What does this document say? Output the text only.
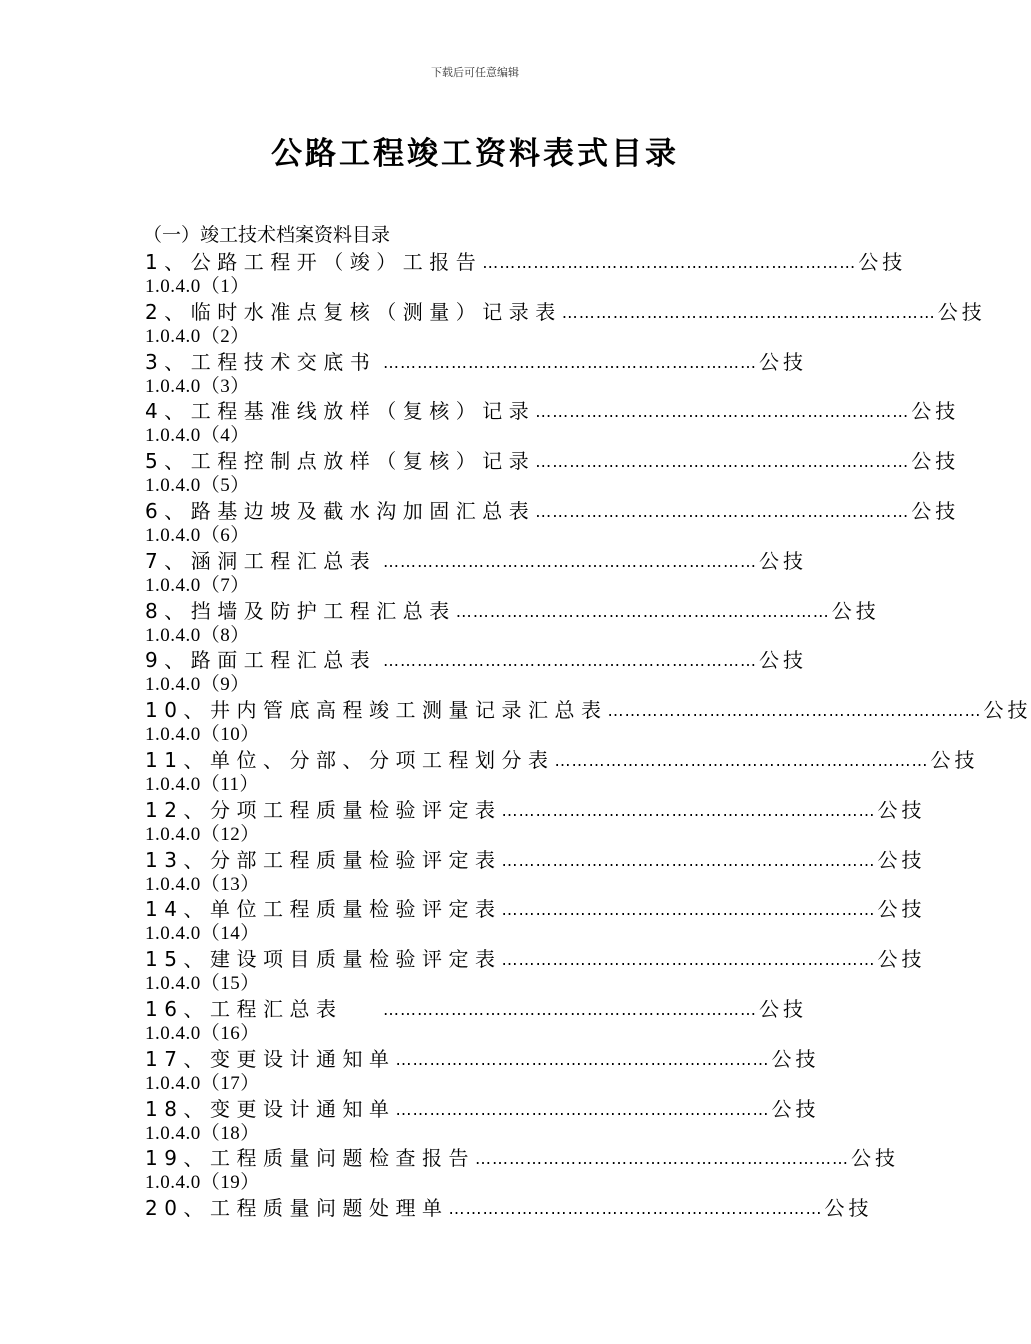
下载后可任意编辑
公路工程竣工资料表式目录
（一）竣工技术档案资料目录
1、公路工程开（竣）工报告 ………………………………………………………… 公技
1.0.4.0（1）
2、临时水准点复核（测量）记录表 ………………………………………………………… 公技
1.0.4.0（2）
3、工程技术交底书 ………………………………………………………… 公技
1.0.4.0（3）
4、工程基准线放样（复核）记录 ………………………………………………………… 公技
1.0.4.0（4）
5、工程控制点放样（复核）记录 ………………………………………………………… 公技
1.0.4.0（5）
6、路基边坡及截水沟加固汇总表 ………………………………………………………… 公技
1.0.4.0（6）
7、涵洞工程汇总表 ………………………………………………………… 公技
1.0.4.0（7）
8、挡墙及防护工程汇总表 ………………………………………………………… 公技
1.0.4.0（8）
9、路面工程汇总表 ………………………………………………………… 公技
1.0.4.0（9）
10、井内管底高程竣工测量记录汇总表 ………………………………………………………… 公技
1.0.4.0（10）
11、单位、分部、分项工程划分表 ………………………………………………………… 公技
1.0.4.0（11）
12、分项工程质量检验评定表 ………………………………………………………… 公技
1.0.4.0（12）
13、分部工程质量检验评定表 ………………………………………………………… 公技
1.0.4.0（13）
14、单位工程质量检验评定表 ………………………………………………………… 公技
1.0.4.0（14）
15、建设项目质量检验评定表 ………………………………………………………… 公技
1.0.4.0（15）
16、工程汇总表	………………………………………………………… 公技
1.0.4.0（16）
17、变更设计通知单 ………………………………………………………… 公技
1.0.4.0（17）
18、变更设计通知单 ………………………………………………………… 公技
1.0.4.0（18）
19、工程质量问题检查报告 ………………………………………………………… 公技
1.0.4.0（19）
20、工程质量问题处理单 ………………………………………………………… 公技
